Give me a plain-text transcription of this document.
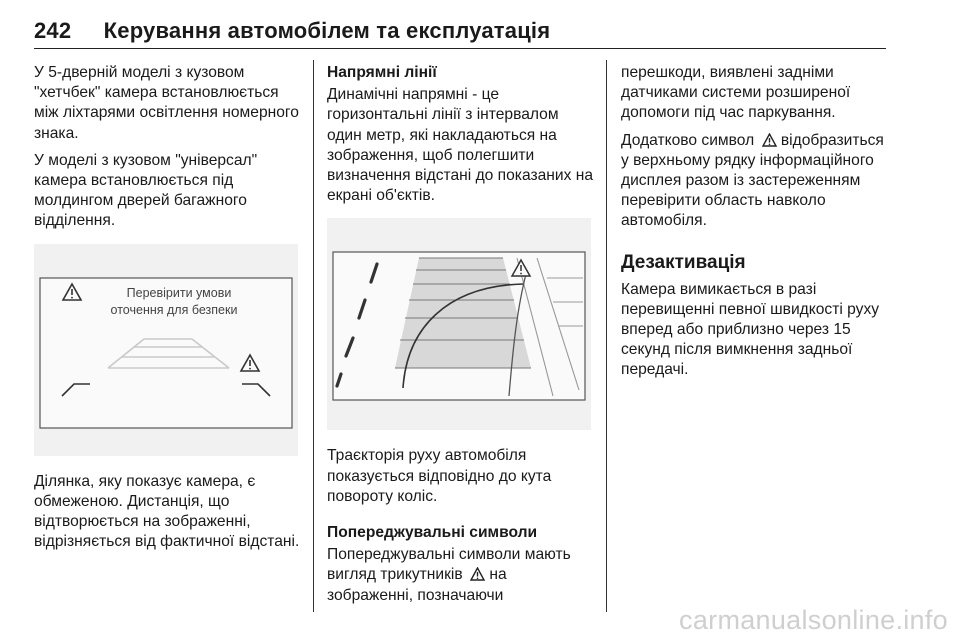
242 Керування автомобілем та експлуатація

У 5-дверній моделі з кузовом "хетчбек" камера встановлюється між ліхтарями освітлення номерного знака.

У моделі з кузовом "універсал" камера встановлюється під молдингом дверей багажного відділення.

Перевірити умови
оточення для безпеки

Ділянка, яку показує камера, є обмеженою. Дистанція, що відтворюється на зображенні, відрізняється від фактичної відстані.

Напрямні лінії

Динамічні напрямні - це горизонтальні лінії з інтервалом один метр, які накладаються на зображення, щоб полегшити визначення відстані до показаних на екрані об'єктів.

Траєкторія руху автомобіля показується відповідно до кута повороту коліс.

Попереджувальні символи

Попереджувальні символи мають вигляд трикутників на зображенні, позначаючи

перешкоди, виявлені задніми датчиками системи розширеної допомоги під час паркування.

Додатково символ відобразиться у верхньому рядку інформаційного дисплея разом із застереженням перевірити область навколо автомобіля.

Дезактивація

Камера вимикається в разі перевищенні певної швидкості руху вперед або приблизно через 15 секунд після вимкнення задньої передачі.

carmanualsonline.info
